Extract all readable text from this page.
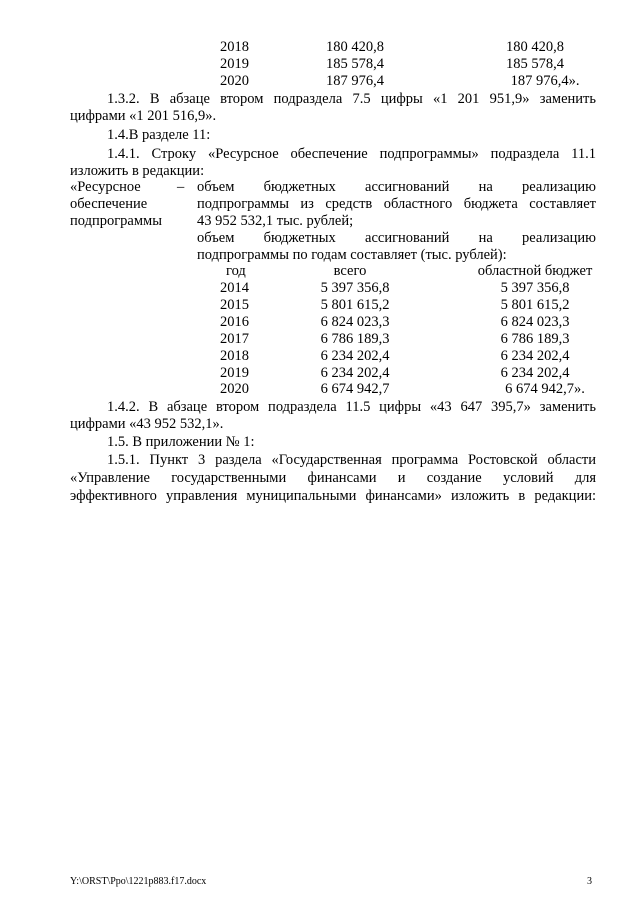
2018	180 420,8	180 420,8
2019	185 578,4	185 578,4
2020	187 976,4	187 976,4».
1.3.2. В абзаце втором подраздела 7.5 цифры «1 201 951,9» заменить
цифрами «1 201 516,9».
1.4.В разделе 11:
1.4.1. Строку «Ресурсное обеспечение подпрограммы» подраздела 11.1
изложить в редакции:
«Ресурсное
обеспечение
подпрограммы
– объем бюджетных ассигнований на реализацию
подпрограммы из средств областного бюджета составляет
43 952 532,1 тыс. рублей;
объем бюджетных ассигнований на реализацию
подпрограммы по годам составляет (тыс. рублей):
год	всего	областной бюджет
2014	5 397 356,8	5 397 356,8
2015	5 801 615,2	5 801 615,2
2016	6 824 023,3	6 824 023,3
2017	6 786 189,3	6 786 189,3
2018	6 234 202,4	6 234 202,4
2019	6 234 202,4	6 234 202,4
2020	6 674 942,7	6 674 942,7».
1.4.2. В абзаце втором подраздела 11.5 цифры «43 647 395,7» заменить
цифрами «43 952 532,1».
1.5. В приложении № 1:
1.5.1. Пункт 3 раздела «Государственная программа Ростовской области
«Управление государственными финансами и создание условий для
эффективного управления муниципальными финансами» изложить в редакции:
Y:\ORST\Ppo\1221p883.f17.docx	3
